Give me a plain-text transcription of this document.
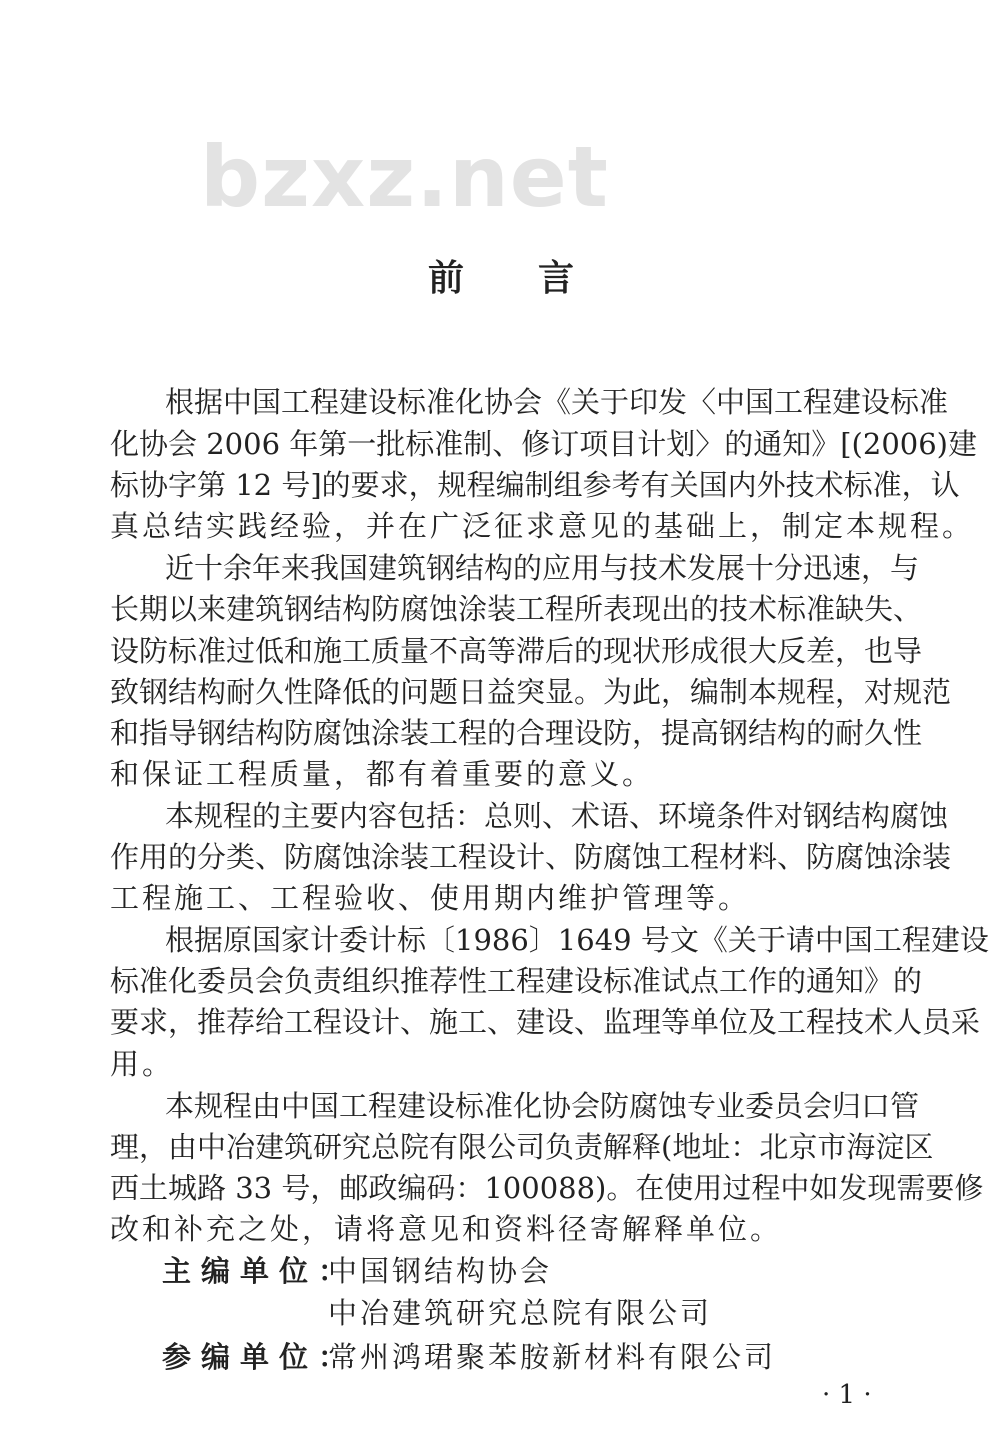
bzxz.net
前 言
根据中国工程建设标准化协会《关于印发〈中国工程建设标准
化协会 2006 年第一批标准制、修订项目计划〉的通知》[(2006)建
标协字第 12 号]的要求，规程编制组参考有关国内外技术标准，认
真总结实践经验，并在广泛征求意见的基础上，制定本规程。
近十余年来我国建筑钢结构的应用与技术发展十分迅速，与
长期以来建筑钢结构防腐蚀涂装工程所表现出的技术标准缺失、
设防标准过低和施工质量不高等滞后的现状形成很大反差，也导
致钢结构耐久性降低的问题日益突显。为此，编制本规程，对规范
和指导钢结构防腐蚀涂装工程的合理设防，提高钢结构的耐久性
和保证工程质量，都有着重要的意义。
本规程的主要内容包括：总则、术语、环境条件对钢结构腐蚀
作用的分类、防腐蚀涂装工程设计、防腐蚀工程材料、防腐蚀涂装
工程施工、工程验收、使用期内维护管理等。
根据原国家计委计标〔1986〕1649 号文《关于请中国工程建设
标准化委员会负责组织推荐性工程建设标准试点工作的通知》的
要求，推荐给工程设计、施工、建设、监理等单位及工程技术人员采
用。
本规程由中国工程建设标准化协会防腐蚀专业委员会归口管
理，由中冶建筑研究总院有限公司负责解释(地址：北京市海淀区
西土城路 33 号，邮政编码：100088)。在使用过程中如发现需要修
改和补充之处，请将意见和资料径寄解释单位。
主编单位：
中国钢结构协会
中冶建筑研究总院有限公司
参编单位：
常州鸿珺聚苯胺新材料有限公司
· 1 ·
